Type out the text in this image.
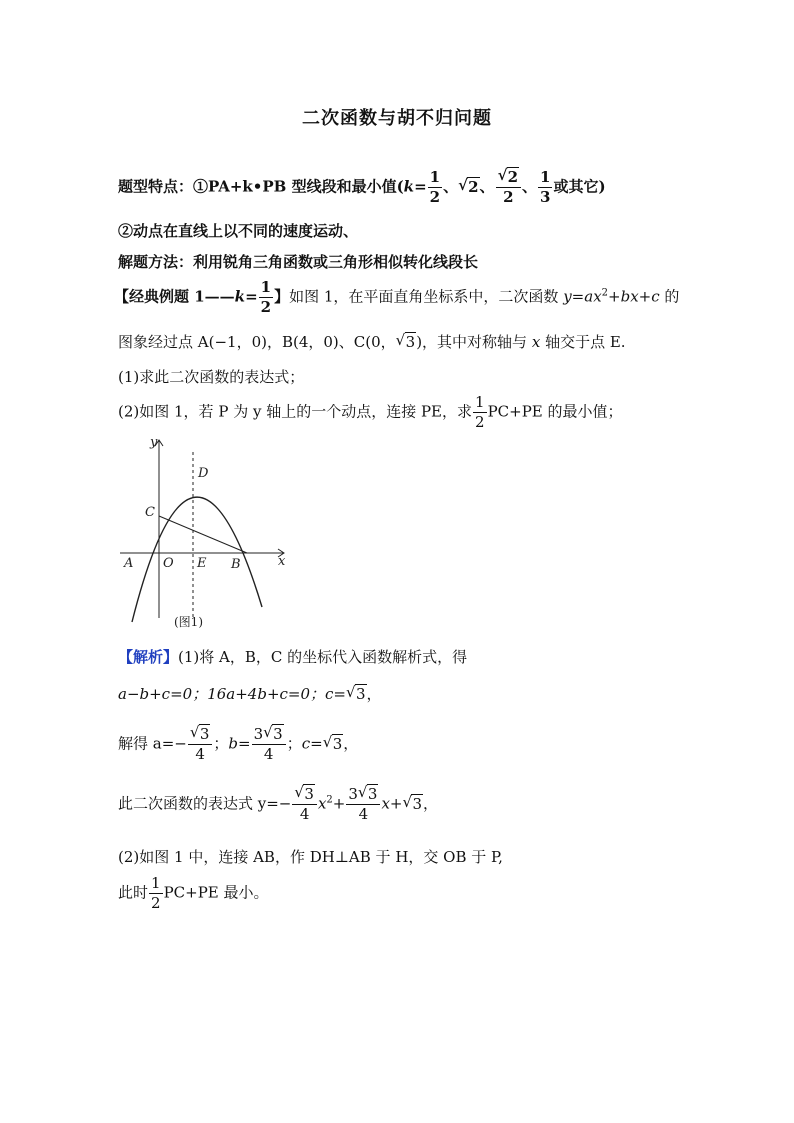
二次函数与胡不归问题
题型特点：①PA+k•PB 型线段和最小值($k= \frac{1}{2}$ 、√ 2、
√ $\frac{2}{2}$ 、 $\frac{1}{3}$ 或其它)
②动点在直线上以不同的速度运动、
解题方法：利用锐角三角函数或三角形相似转化线段长
【经典例题 1——k= $\frac{1}{2}$ 】如图 1，在平面直角坐标系中，二次函数 $y=ax^2+bx+c$ 的
图象经过点 A(−1，0)，B(4，0)、C(0，√ 3)，其中对称轴与 x 轴交于点 E.
(1)求此二次函数的表达式；
(2)如图 1，若 P 为 y 轴上的一个动点，连接 PE，求 $\frac{1}{2} PC+PE$ 的最小值；
y
x
D
C
A O E B
(图1)
【解析】(1)将 A，B，C 的坐标代入函数解析式，得
a−b+c=0；16a+4b+c=0；c=√ 3，
解得 a=−
√ $\frac{3}{4}$ ；$b= \frac{3√ 3}{4}$ ；c=√ 3，
此二次函数的表达式 y=−
√ $\frac{3}{4} x^2+ \frac{3√ 3}{4} x+√$ 3，
(2)如图 1 中，连接 AB，作 DH⊥AB 于 H，交 OB 于 P,
此时 $\frac{1}{2} PC+PE$ 最小。
